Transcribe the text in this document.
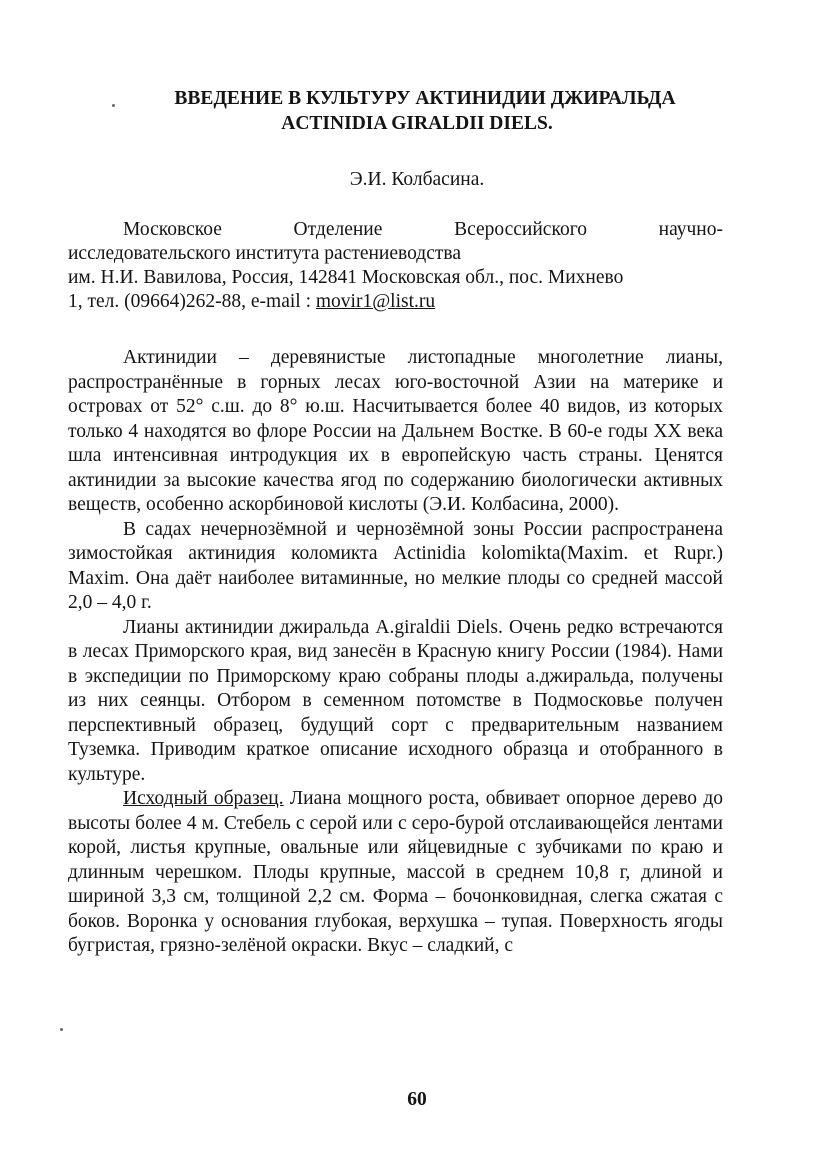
ВВЕДЕНИЕ В КУЛЬТУРУ АКТИНИДИИ ДЖИРАЛЬДА
ACTINIDIA GIRALDII DIELS.
Э.И. Колбасина.
Московское	Отделение	Всероссийского	научно-
исследовательского института растениеводства
им. Н.И. Вавилова, Россия, 142841 Московская обл., пос. Михнево
1, тел. (09664)262-88, e-mail : movir1@list.ru

Актинидии – деревянистые листопадные многолетние лианы, распространённые в горных лесах юго-восточной Азии на материке и островах от 52° с.ш. до 8° ю.ш. Насчитывается более 40 видов, из которых только 4 находятся во флоре России на Дальнем Востке. В 60-е годы XX века шла интенсивная интродукция их в европейскую часть страны. Ценятся актинидии за высокие качества ягод по содержанию биологически активных веществ, особенно аскорбиновой кислоты (Э.И. Колбасина, 2000).

В садах нечернозёмной и чернозёмной зоны России распространена зимостойкая актинидия коломикта Actinidia kolomikta(Maxim. et Rupr.) Maxim. Она даёт наиболее витаминные, но мелкие плоды со средней массой 2,0 – 4,0 г.

Лианы актинидии джиральда A.giraldii Diels. Очень редко встречаются в лесах Приморского края, вид занесён в Красную книгу России (1984). Нами в экспедиции по Приморскому краю собраны плоды а.джиральда, получены из них сеянцы. Отбором в семенном потомстве в Подмосковье получен перспективный образец, будущий сорт с предварительным названием Туземка. Приводим краткое описание исходного образца и отобранного в культуре.

Исходный образец. Лиана мощного роста, обвивает опорное дерево до высоты более 4 м. Стебель с серой или с серо-бурой отслаивающейся лентами корой, листья крупные, овальные или яйцевидные с зубчиками по краю и длинным черешком. Плоды крупные, массой в среднем 10,8 г, длиной и шириной 3,3 см, толщиной 2,2 см. Форма – бочонковидная, слегка сжатая с боков. Воронка у основания глубокая, верхушка – тупая. Поверхность ягоды бугристая, грязно-зелёной окраски. Вкус – сладкий, с

60
